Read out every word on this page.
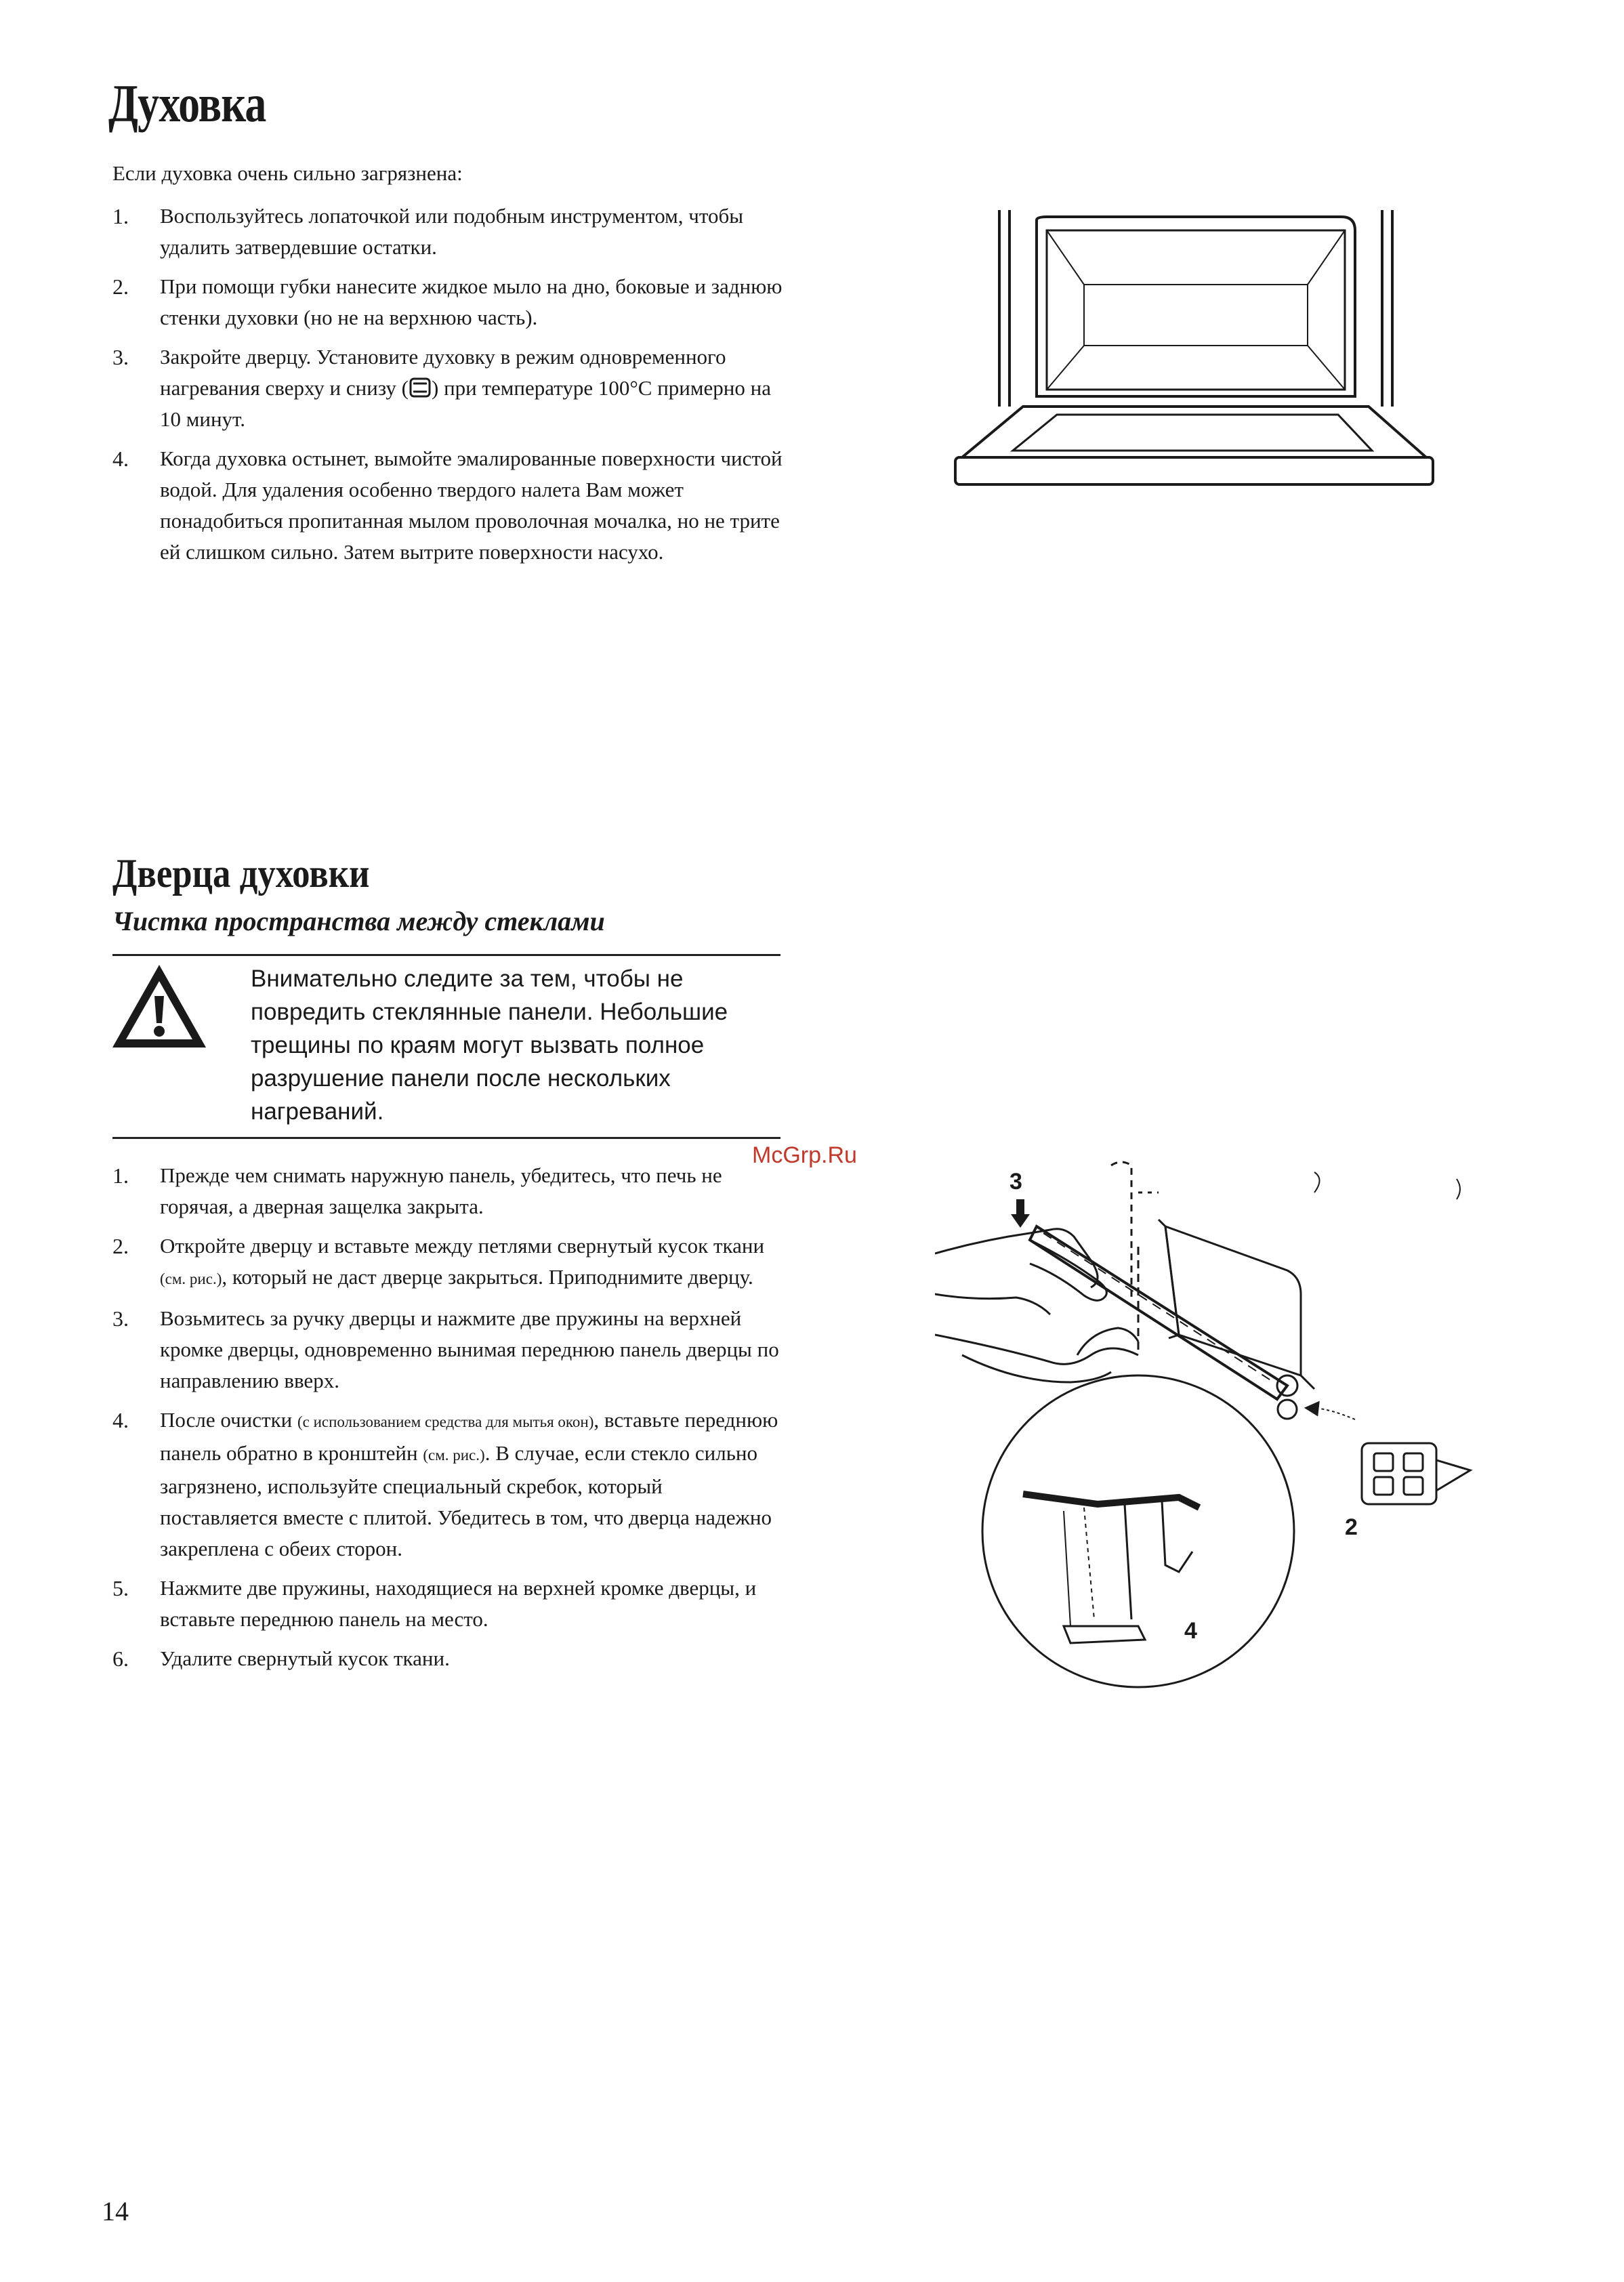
Духовка
Если духовка очень сильно загрязнена:
1. Воспользуйтесь лопаточкой или подобным инструментом, чтобы удалить затвердевшие остатки.
2. При помощи губки нанесите жидкое мыло на дно, боковые и заднюю стенки духовки (но не на верхнюю часть).
3. Закройте дверцу. Установите духовку в режим одновременного нагревания сверху и снизу ( ) при температуре 100°C примерно на 10 минут.
4. Когда духовка остынет, вымойте эмалированные поверхности чистой водой. Для удаления особенно твердого налета Вам может понадобиться пропитанная мылом проволочная мочалка, но не трите ей слишком сильно. Затем вытрите поверхности насухо.
Дверца духовки
Чистка пространства между стеклами
Внимательно следите за тем, чтобы не повредить стеклянные панели. Небольшие трещины по краям могут вызвать полное разрушение панели после нескольких нагреваний.
1. Прежде чем снимать наружную панель, убедитесь, что печь не горячая, а дверная защелка закрыта.
2. Откройте дверцу и вставьте между петлями свернутый кусок ткани (см. рис.), который не даст дверце закрыться. Приподнимите дверцу.
3. Возьмитесь за ручку дверцы и нажмите две пружины на верхней кромке дверцы, одновременно вынимая переднюю панель дверцы по направлению вверх.
4. После очистки (с использованием средства для мытья окон), вставьте переднюю панель обратно в кронштейн (см. рис.). В случае, если стекло сильно загрязнено, используйте специальный скребок, который поставляется вместе с плитой. Убедитесь в том, что дверца надежно закреплена с обеих сторон.
5. Нажмите две пружины, находящиеся на верхней кромке дверцы, и вставьте переднюю панель на место.
6. Удалите свернутый кусок ткани.
McGrp.Ru
3
2
4
14
